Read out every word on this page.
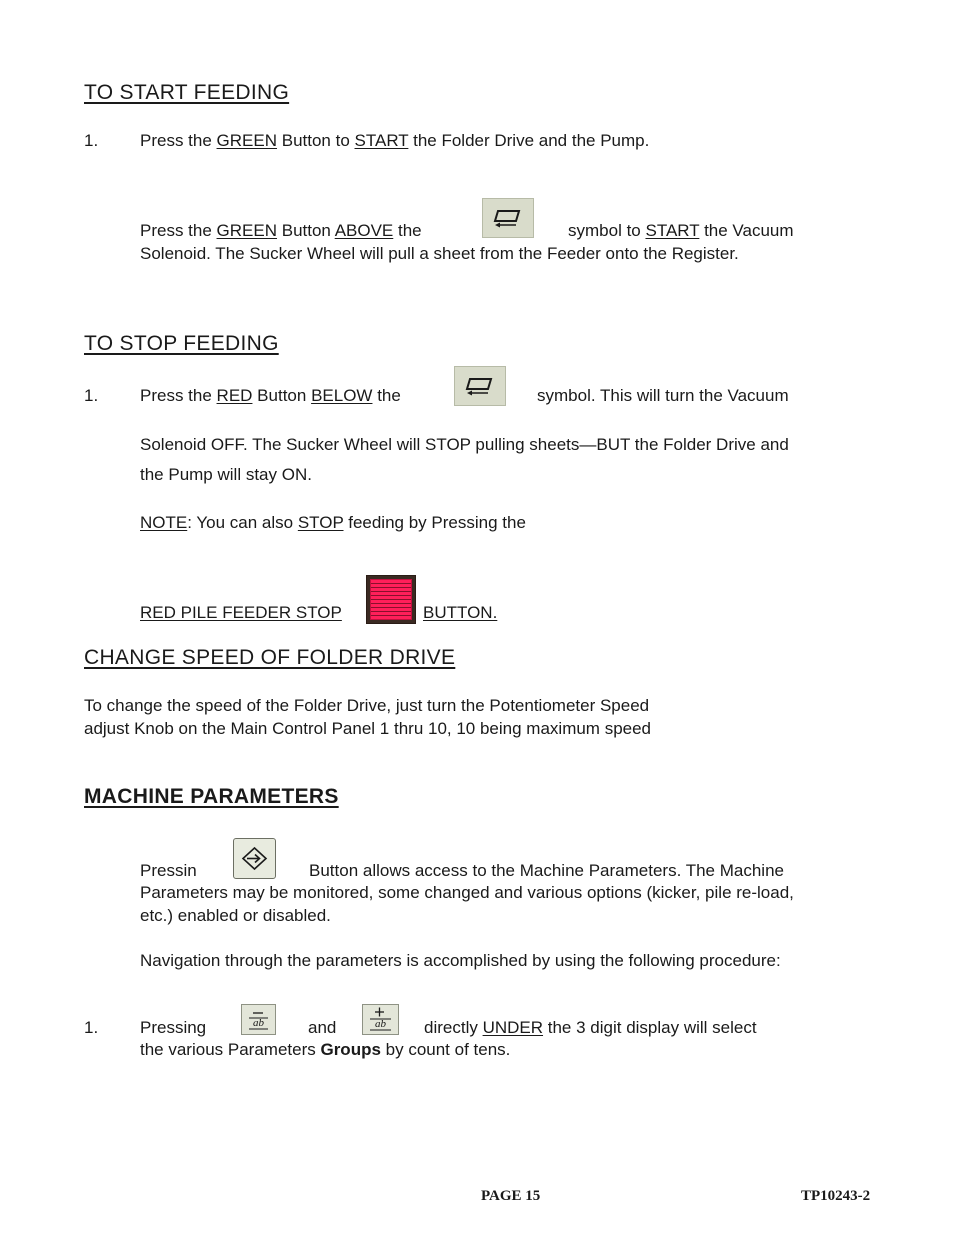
TO START FEEDING
1. Press the GREEN Button to START the Folder Drive and the Pump.
Press the GREEN Button ABOVE the	symbol to START the Vacuum
Solenoid. The Sucker Wheel will pull a sheet from the Feeder onto the Register.
TO STOP FEEDING
1. Press the RED Button BELOW the	symbol. This will turn the Vacuum
Solenoid OFF. The Sucker Wheel will STOP pulling sheets—BUT the Folder Drive and
the Pump will stay ON.
NOTE: You can also STOP feeding by Pressing the
RED PILE FEEDER STOP	BUTTON.
CHANGE SPEED OF FOLDER DRIVE
To change the speed of the Folder Drive, just turn the Potentiometer Speed
adjust Knob on the Main Control Panel 1 thru 10, 10 being maximum speed
MACHINE PARAMETERS
Pressin	Button allows access to the Machine Parameters. The Machine
Parameters may be monitored, some changed and various options (kicker, pile re-load,
etc.) enabled or disabled.
Navigation through the parameters is accomplished by using the following procedure:
1. Pressing	ab	and	ab directly UNDER the 3 digit display will select
the various Parameters Groups by count of tens.
PAGE 15	TP10243-2
